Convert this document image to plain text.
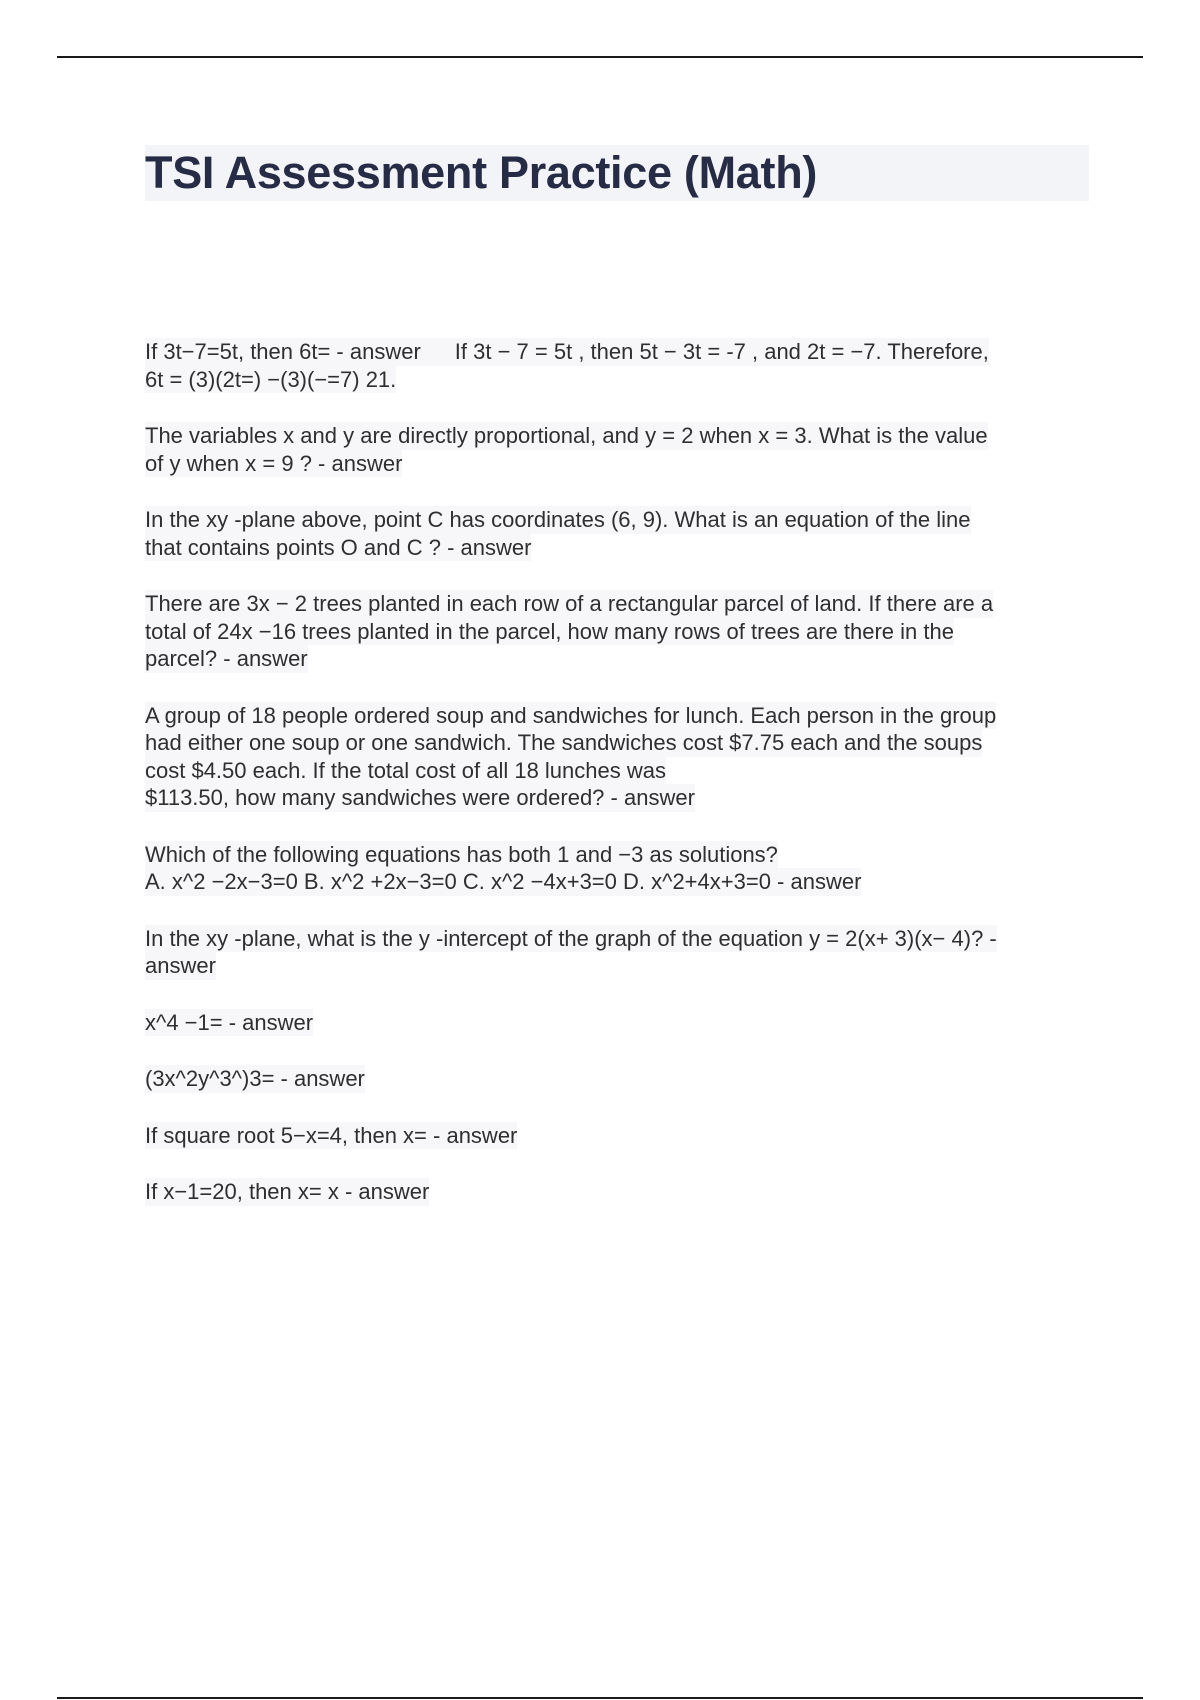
TSI Assessment Practice (Math)

If 3t−7=5t, then 6t= - answer If 3t − 7 = 5t , then 5t − 3t = -7 , and 2t = −7. Therefore,
6t = (3)(2t=) −(3)(−=7) 21.

The variables x and y are directly proportional, and y = 2 when x = 3. What is the value
of y when x = 9 ? - answer

In the xy -plane above, point C has coordinates (6, 9). What is an equation of the line
that contains points O and C ? - answer

There are 3x − 2 trees planted in each row of a rectangular parcel of land. If there are a
total of 24x −16 trees planted in the parcel, how many rows of trees are there in the
parcel? - answer

A group of 18 people ordered soup and sandwiches for lunch. Each person in the group
had either one soup or one sandwich. The sandwiches cost $7.75 each and the soups
cost $4.50 each. If the total cost of all 18 lunches was
$113.50, how many sandwiches were ordered? - answer

Which of the following equations has both 1 and −3 as solutions?
A. x^2 −2x−3=0 B. x^2 +2x−3=0 C. x^2 −4x+3=0 D. x^2+4x+3=0 - answer

In the xy -plane, what is the y -intercept of the graph of the equation y = 2(x+ 3)(x− 4)? -
answer

x^4 −1= - answer

(3x^2y^3^)3= - answer

If square root 5−x=4, then x= - answer

If x−1=20, then x= x - answer
